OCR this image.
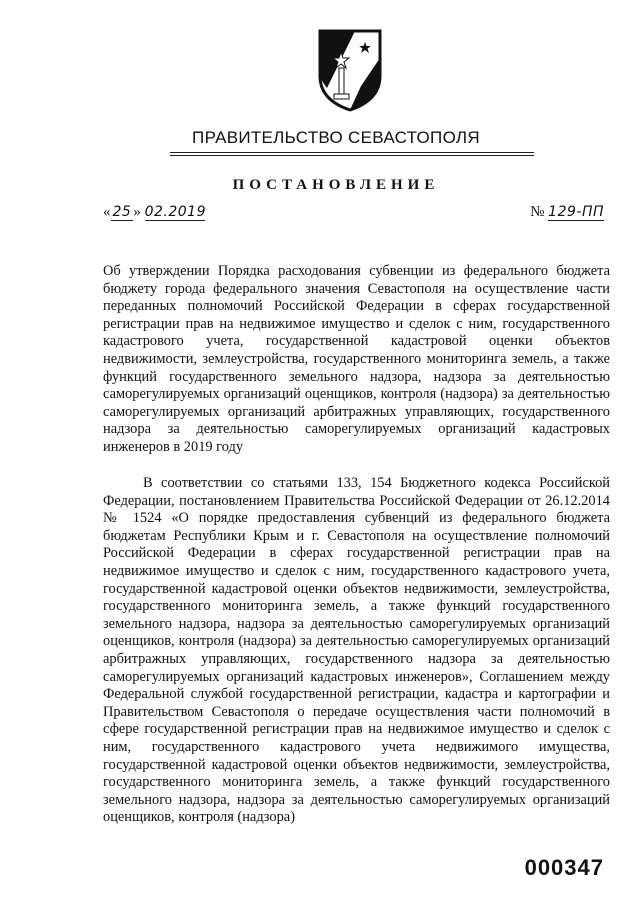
ПРАВИТЕЛЬСТВО СЕВАСТОПОЛЯ
ПОСТАНОВЛЕНИЕ
« 25 » 02.2019	№ 129-ПП
Об утверждении Порядка расходования субвенции из федерального бюджета бюджету города федерального значения Севастополя на осуществление части переданных полномочий Российской Федерации в сферах государственной регистрации прав на недвижимое имущество и сделок с ним, государственного кадастрового учета, государственной кадастровой оценки объектов недвижимости, землеустройства, государственного мониторинга земель, а также функций государственного земельного надзора, надзора за деятельностью саморегулируемых организаций оценщиков, контроля (надзора) за деятельностью саморегулируемых организаций арбитражных управляющих, государственного надзора за деятельностью саморегулируемых организаций кадастровых инженеров в 2019 году
В соответствии со статьями 133, 154 Бюджетного кодекса Российской Федерации, постановлением Правительства Российской Федерации от 26.12.2014 № 1524 «О порядке предоставления субвенций из федерального бюджета бюджетам Республики Крым и г. Севастополя на осуществление полномочий Российской Федерации в сферах государственной регистрации прав на недвижимое имущество и сделок с ним, государственного кадастрового учета, государственной кадастровой оценки объектов недвижимости, землеустройства, государственного мониторинга земель, а также функций государственного земельного надзора, надзора за деятельностью саморегулируемых организаций оценщиков, контроля (надзора) за деятельностью саморегулируемых организаций арбитражных управляющих, государственного надзора за деятельностью саморегулируемых организаций кадастровых инженеров», Соглашением между Федеральной службой государственной регистрации, кадастра и картографии и Правительством Севастополя о передаче осуществления части полномочий в сфере государственной регистрации прав на недвижимое имущество и сделок с ним, государственного кадастрового учета недвижимого имущества, государственной кадастровой оценки объектов недвижимости, землеустройства, государственного мониторинга земель, а также функций государственного земельного надзора, надзора за деятельностью саморегулируемых организаций оценщиков, контроля (надзора)
000347
